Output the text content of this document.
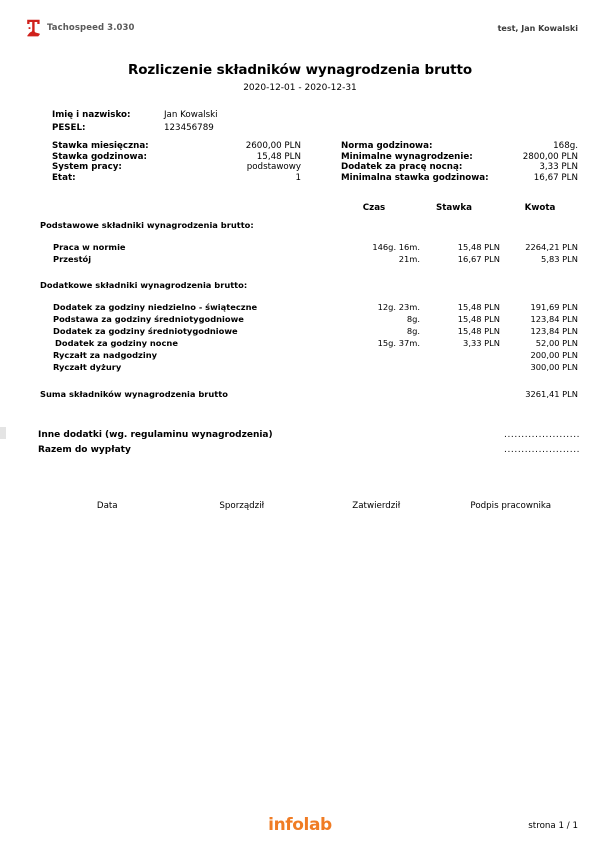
Tachospeed 3.030	test, Jan Kowalski
Rozliczenie składników wynagrodzenia brutto
2020-12-01 - 2020-12-31
Imię i nazwisko:	Jan Kowalski
PESEL:	123456789
Stawka miesięczna:	2600,00 PLN
Stawka godzinowa:	15,48 PLN
System pracy:	podstawowy
Etat:	1
Norma godzinowa:	168g.
Minimalne wynagrodzenie:	2800,00 PLN
Dodatek za pracę nocną:	3,33 PLN
Minimalna stawka godzinowa:	16,67 PLN
Czas	Stawka	Kwota
Podstawowe składniki wynagrodzenia brutto:
Praca w normie	146g. 16m.	15,48 PLN	2264,21 PLN
Przestój	21m.	16,67 PLN	5,83 PLN
Dodatkowe składniki wynagrodzenia brutto:
Dodatek za godziny niedzielno - świąteczne	12g. 23m.	15,48 PLN	191,69 PLN
Podstawa za godziny średniotygodniowe	8g.	15,48 PLN	123,84 PLN
Dodatek za godziny średniotygodniowe	8g.	15,48 PLN	123,84 PLN
Dodatek za godziny nocne	15g. 37m.	3,33 PLN	52,00 PLN
Ryczałt za nadgodziny	200,00 PLN
Ryczałt dyżury	300,00 PLN
Suma składników wynagrodzenia brutto	3261,41 PLN
Inne dodatki (wg. regulaminu wynagrodzenia)	......................
Razem do wypłaty	......................
Data	Sporządził	Zatwierdził	Podpis pracownika
infolab	strona 1 / 1
